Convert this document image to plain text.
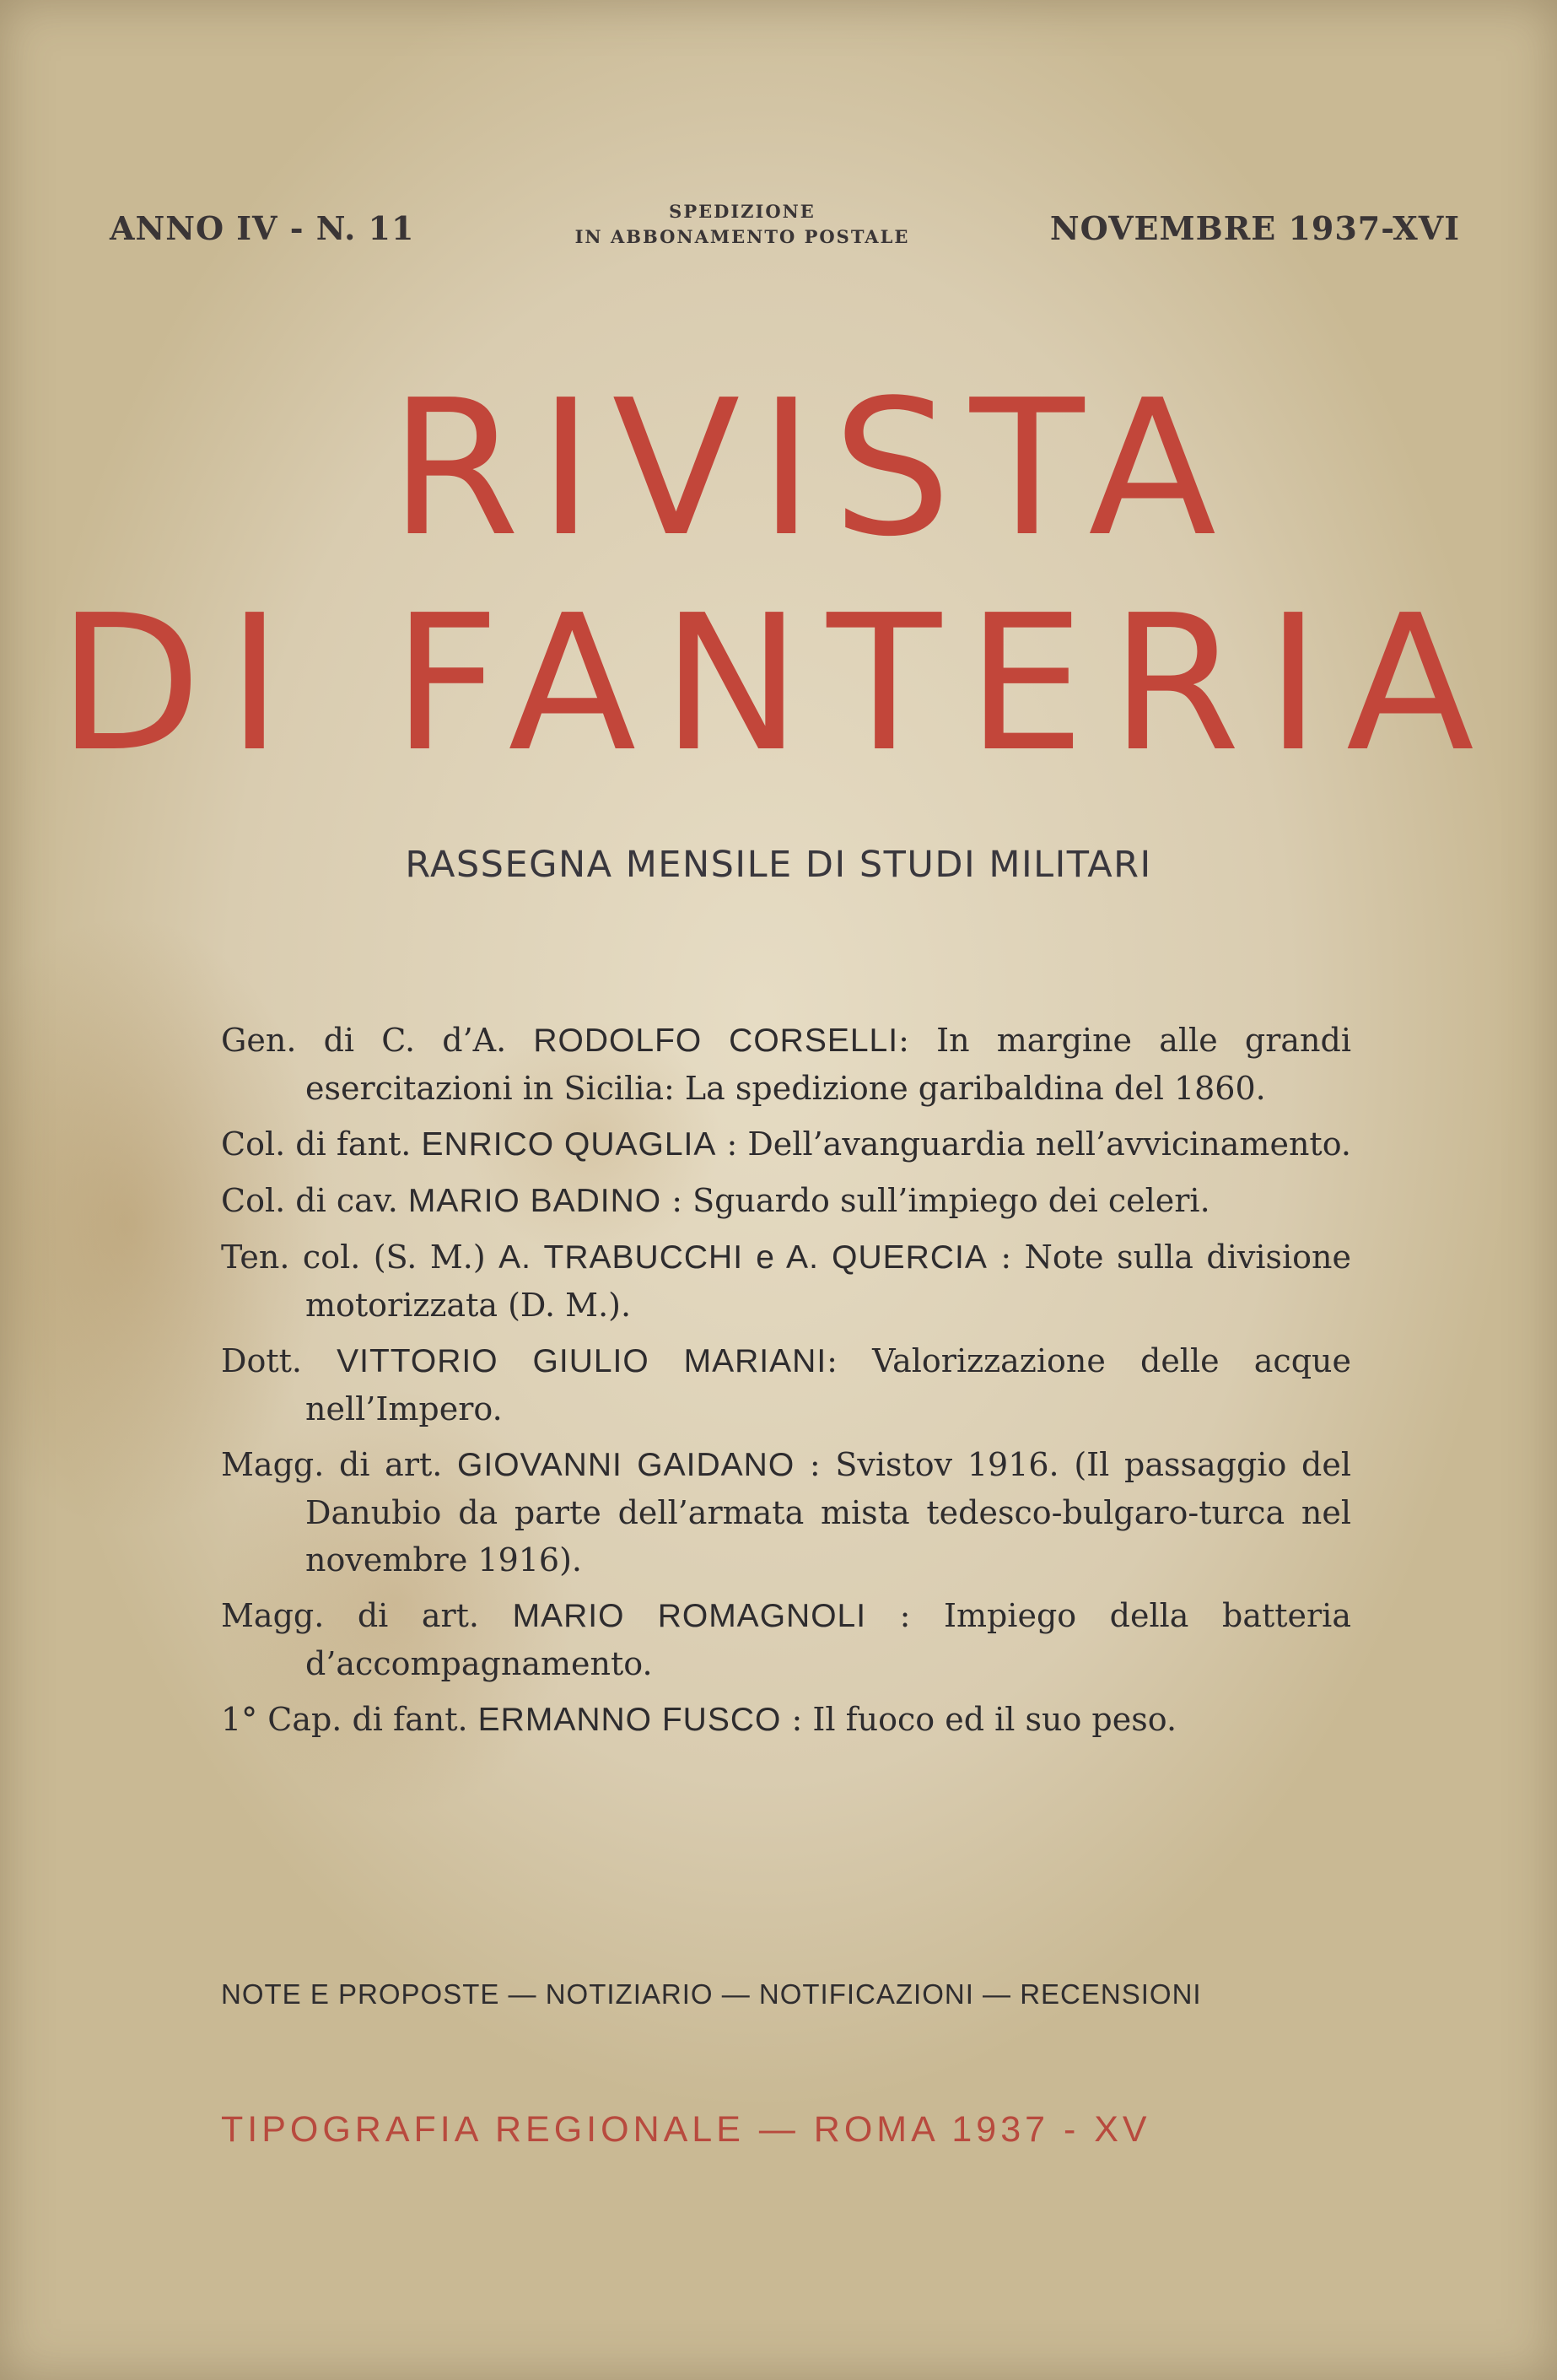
ANNO IV - N. 11	SPEDIZIONE
IN ABBONAMENTO POSTALE	NOVEMBRE 1937-XVI
RIVISTA
DI FANTERIA
RASSEGNA MENSILE DI STUDI MILITARI
Gen. di C. d’A. RODOLFO CORSELLI: In margine alle grandi esercitazioni in Sicilia: La spedizione garibaldina del 1860.
Col. di fant. ENRICO QUAGLIA : Dell’avanguardia nell’avvicinamento.
Col. di cav. MARIO BADINO : Sguardo sull’impiego dei celeri.
Ten. col. (S. M.) A. TRABUCCHI e A. QUERCIA : Note sulla divisione motorizzata (D. M.).
Dott. VITTORIO GIULIO MARIANI: Valorizzazione delle acque nell’Impero.
Magg. di art. GIOVANNI GAIDANO : Svistov 1916. (Il passaggio del Danubio da parte dell’armata mista tedesco-bulgaro-turca nel novembre 1916).
Magg. di art. MARIO ROMAGNOLI : Impiego della batteria d’accompagnamento.
1° Cap. di fant. ERMANNO FUSCO : Il fuoco ed il suo peso.
NOTE E PROPOSTE — NOTIZIARIO — NOTIFICAZIONI — RECENSIONI
TIPOGRAFIA REGIONALE — ROMA 1937 - XV
